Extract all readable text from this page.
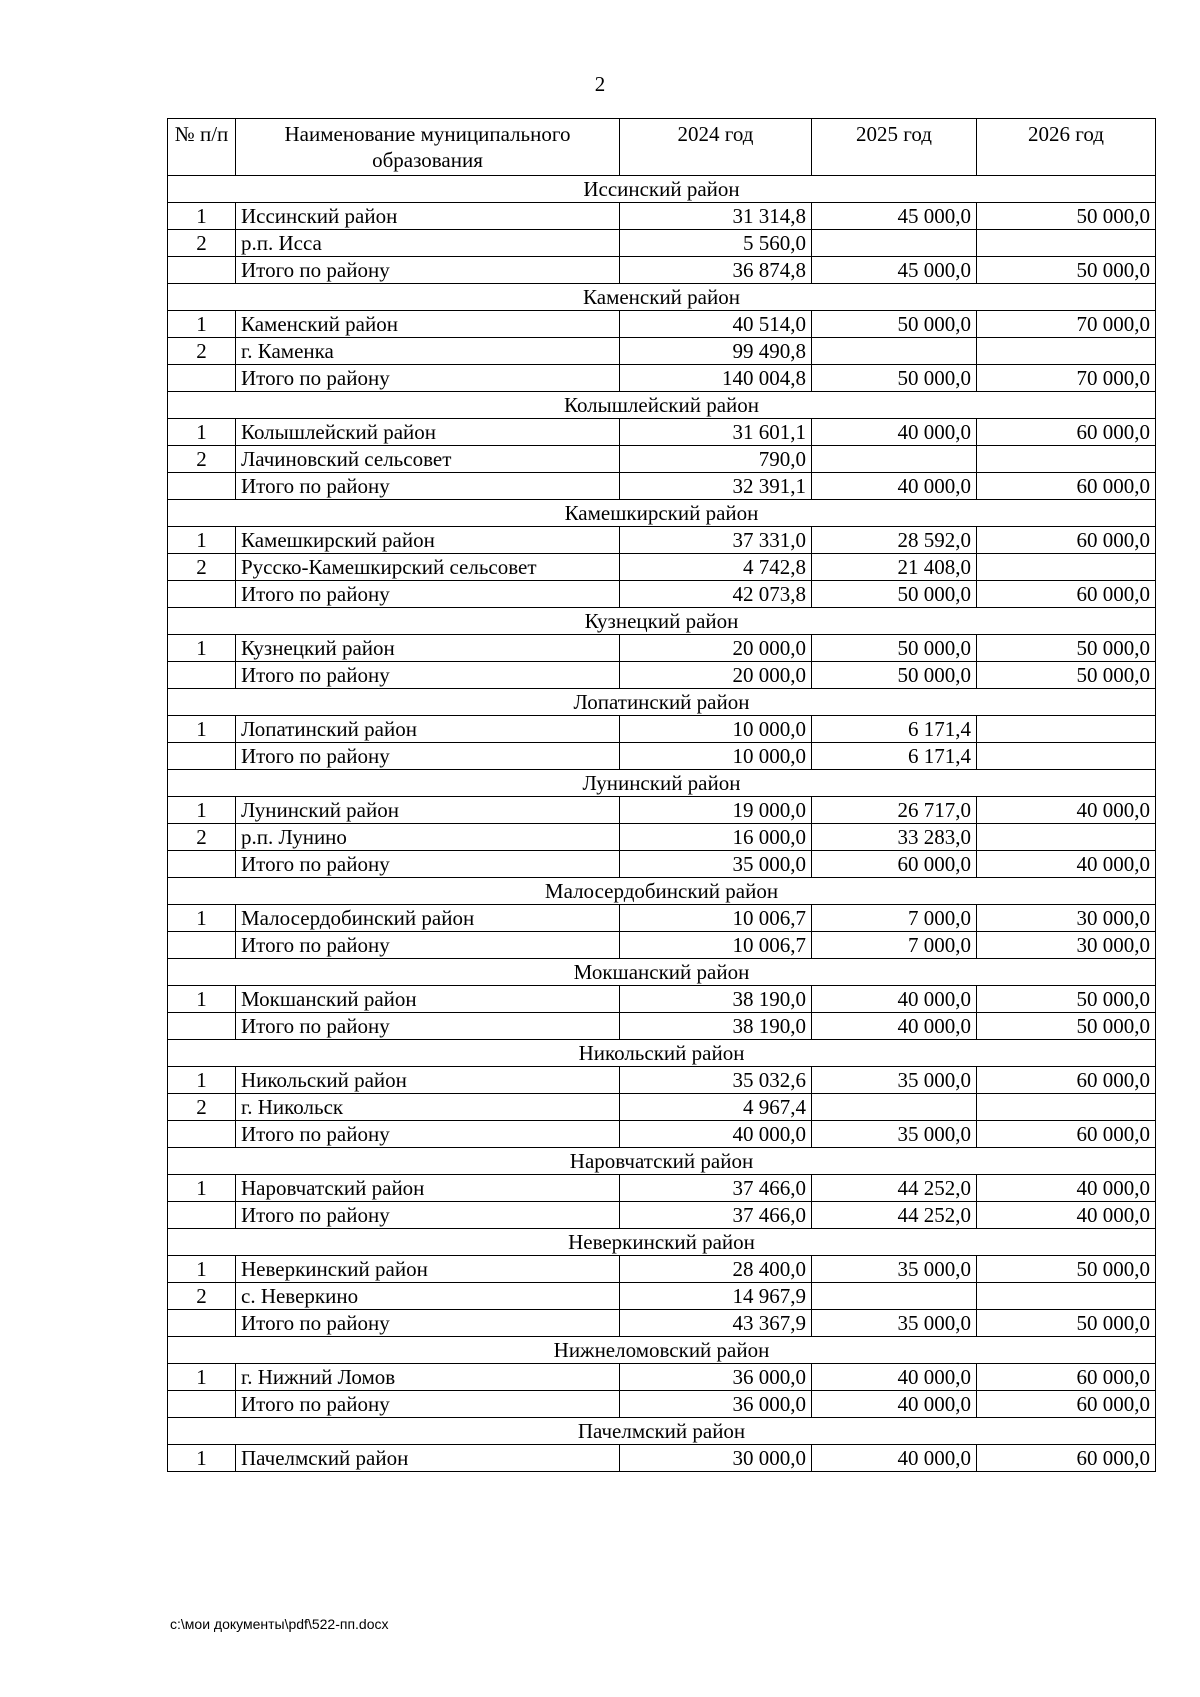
2
№ п/п	Наименование муниципального образования	2024 год	2025 год	2026 год
Иссинский район				
1	Иссинский район	31 314,8	45 000,0	50 000,0
2	р.п. Исса	5 560,0		
	Итого по району	36 874,8	45 000,0	50 000,0
Каменский район				
1	Каменский район	40 514,0	50 000,0	70 000,0
2	г. Каменка	99 490,8		
	Итого по району	140 004,8	50 000,0	70 000,0
Колышлейский район				
1	Колышлейский район	31 601,1	40 000,0	60 000,0
2	Лачиновский сельсовет	790,0		
	Итого по району	32 391,1	40 000,0	60 000,0
Камешкирский район				
1	Камешкирский район	37 331,0	28 592,0	60 000,0
2	Русско-Камешкирский сельсовет	4 742,8	21 408,0	
	Итого по району	42 073,8	50 000,0	60 000,0
Кузнецкий район				
1	Кузнецкий район	20 000,0	50 000,0	50 000,0
	Итого по району	20 000,0	50 000,0	50 000,0
Лопатинский район				
1	Лопатинский район	10 000,0	6 171,4	
	Итого по району	10 000,0	6 171,4	
Лунинский район				
1	Лунинский район	19 000,0	26 717,0	40 000,0
2	р.п. Лунино	16 000,0	33 283,0	
	Итого по району	35 000,0	60 000,0	40 000,0
Малосердобинский район				
1	Малосердобинский район	10 006,7	7 000,0	30 000,0
	Итого по району	10 006,7	7 000,0	30 000,0
Мокшанский район				
1	Мокшанский район	38 190,0	40 000,0	50 000,0
	Итого по району	38 190,0	40 000,0	50 000,0
Никольский район				
1	Никольский район	35 032,6	35 000,0	60 000,0
2	г. Никольск	4 967,4		
	Итого по району	40 000,0	35 000,0	60 000,0
Наровчатский район				
1	Наровчатский район	37 466,0	44 252,0	40 000,0
	Итого по району	37 466,0	44 252,0	40 000,0
Неверкинский район				
1	Неверкинский район	28 400,0	35 000,0	50 000,0
2	с. Неверкино	14 967,9		
	Итого по району	43 367,9	35 000,0	50 000,0
Нижнеломовский район				
1	г. Нижний Ломов	36 000,0	40 000,0	60 000,0
	Итого по району	36 000,0	40 000,0	60 000,0
Пачелмский район				
1	Пачелмский район	30 000,0	40 000,0	60 000,0
c:\мои документы\pdf\522-пп.docx
